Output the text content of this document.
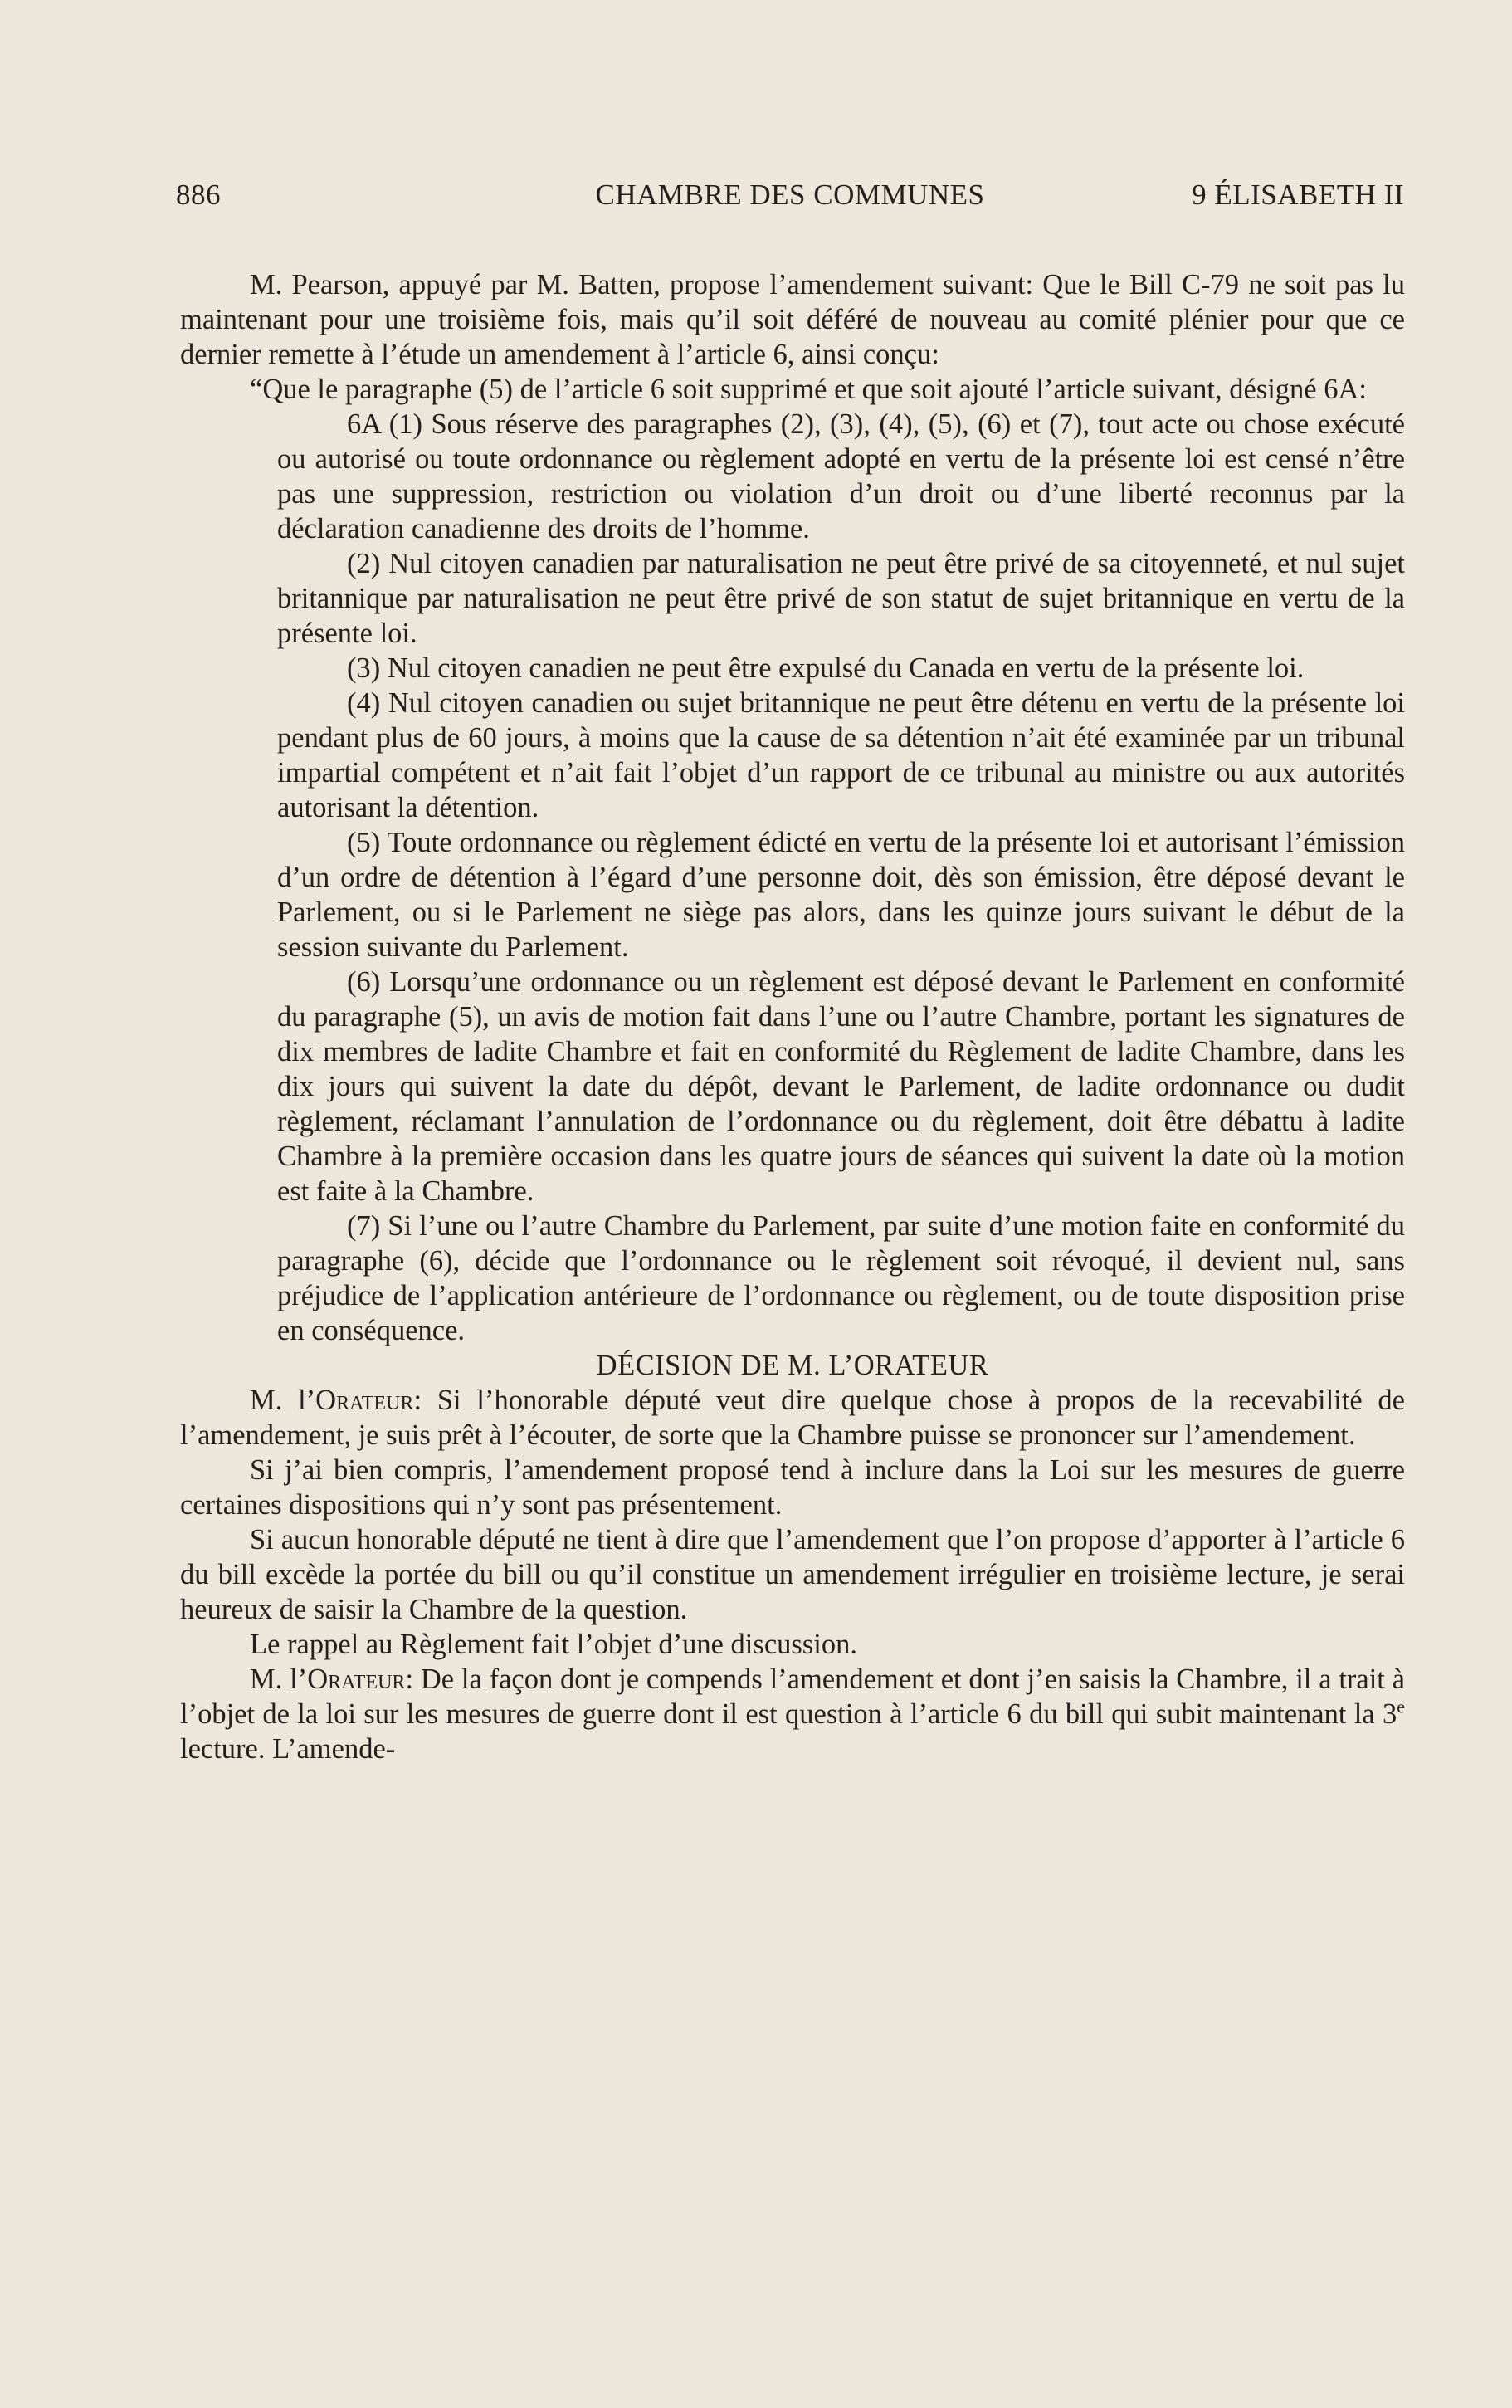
886	CHAMBRE DES COMMUNES	9 ÉLISABETH II

M. Pearson, appuyé par M. Batten, propose l’amendement suivant: Que le Bill C-79 ne soit pas lu maintenant pour une troisième fois, mais qu’il soit déféré de nouveau au comité plénier pour que ce dernier remette à l’étude un amendement à l’article 6, ainsi conçu:

“Que le paragraphe (5) de l’article 6 soit supprimé et que soit ajouté l’article suivant, désigné 6A:

6A (1) Sous réserve des paragraphes (2), (3), (4), (5), (6) et (7), tout acte ou chose exécuté ou autorisé ou toute ordonnance ou règlement adopté en vertu de la présente loi est censé n’être pas une suppression, restriction ou violation d’un droit ou d’une liberté reconnus par la déclaration canadienne des droits de l’homme.

(2) Nul citoyen canadien par naturalisation ne peut être privé de sa citoyenneté, et nul sujet britannique par naturalisation ne peut être privé de son statut de sujet britannique en vertu de la présente loi.

(3) Nul citoyen canadien ne peut être expulsé du Canada en vertu de la présente loi.

(4) Nul citoyen canadien ou sujet britannique ne peut être détenu en vertu de la présente loi pendant plus de 60 jours, à moins que la cause de sa détention n’ait été examinée par un tribunal impartial compétent et n’ait fait l’objet d’un rapport de ce tribunal au ministre ou aux autorités autorisant la détention.

(5) Toute ordonnance ou règlement édicté en vertu de la présente loi et autorisant l’émission d’un ordre de détention à l’égard d’une personne doit, dès son émission, être déposé devant le Parlement, ou si le Parlement ne siège pas alors, dans les quinze jours suivant le début de la session suivante du Parlement.

(6) Lorsqu’une ordonnance ou un règlement est déposé devant le Parlement en conformité du paragraphe (5), un avis de motion fait dans l’une ou l’autre Chambre, portant les signatures de dix membres de ladite Chambre et fait en conformité du Règlement de ladite Chambre, dans les dix jours qui suivent la date du dépôt, devant le Parlement, de ladite ordonnance ou dudit règlement, réclamant l’annulation de l’ordonnance ou du règlement, doit être débattu à ladite Chambre à la première occasion dans les quatre jours de séances qui suivent la date où la motion est faite à la Chambre.

(7) Si l’une ou l’autre Chambre du Parlement, par suite d’une motion faite en conformité du paragraphe (6), décide que l’ordonnance ou le règlement soit révoqué, il devient nul, sans préjudice de l’application antérieure de l’ordonnance ou règlement, ou de toute disposition prise en conséquence.

DÉCISION DE M. L’ORATEUR

M. l’Orateur: Si l’honorable député veut dire quelque chose à propos de la recevabilité de l’amendement, je suis prêt à l’écouter, de sorte que la Chambre puisse se prononcer sur l’amendement.

Si j’ai bien compris, l’amendement proposé tend à inclure dans la Loi sur les mesures de guerre certaines dispositions qui n’y sont pas présentement.

Si aucun honorable député ne tient à dire que l’amendement que l’on propose d’apporter à l’article 6 du bill excède la portée du bill ou qu’il constitue un amendement irrégulier en troisième lecture, je serai heureux de saisir la Chambre de la question.

Le rappel au Règlement fait l’objet d’une discussion.

M. l’Orateur: De la façon dont je compends l’amendement et dont j’en saisis la Chambre, il a trait à l’objet de la loi sur les mesures de guerre dont il est question à l’article 6 du bill qui subit maintenant la 3e lecture. L’amende-
